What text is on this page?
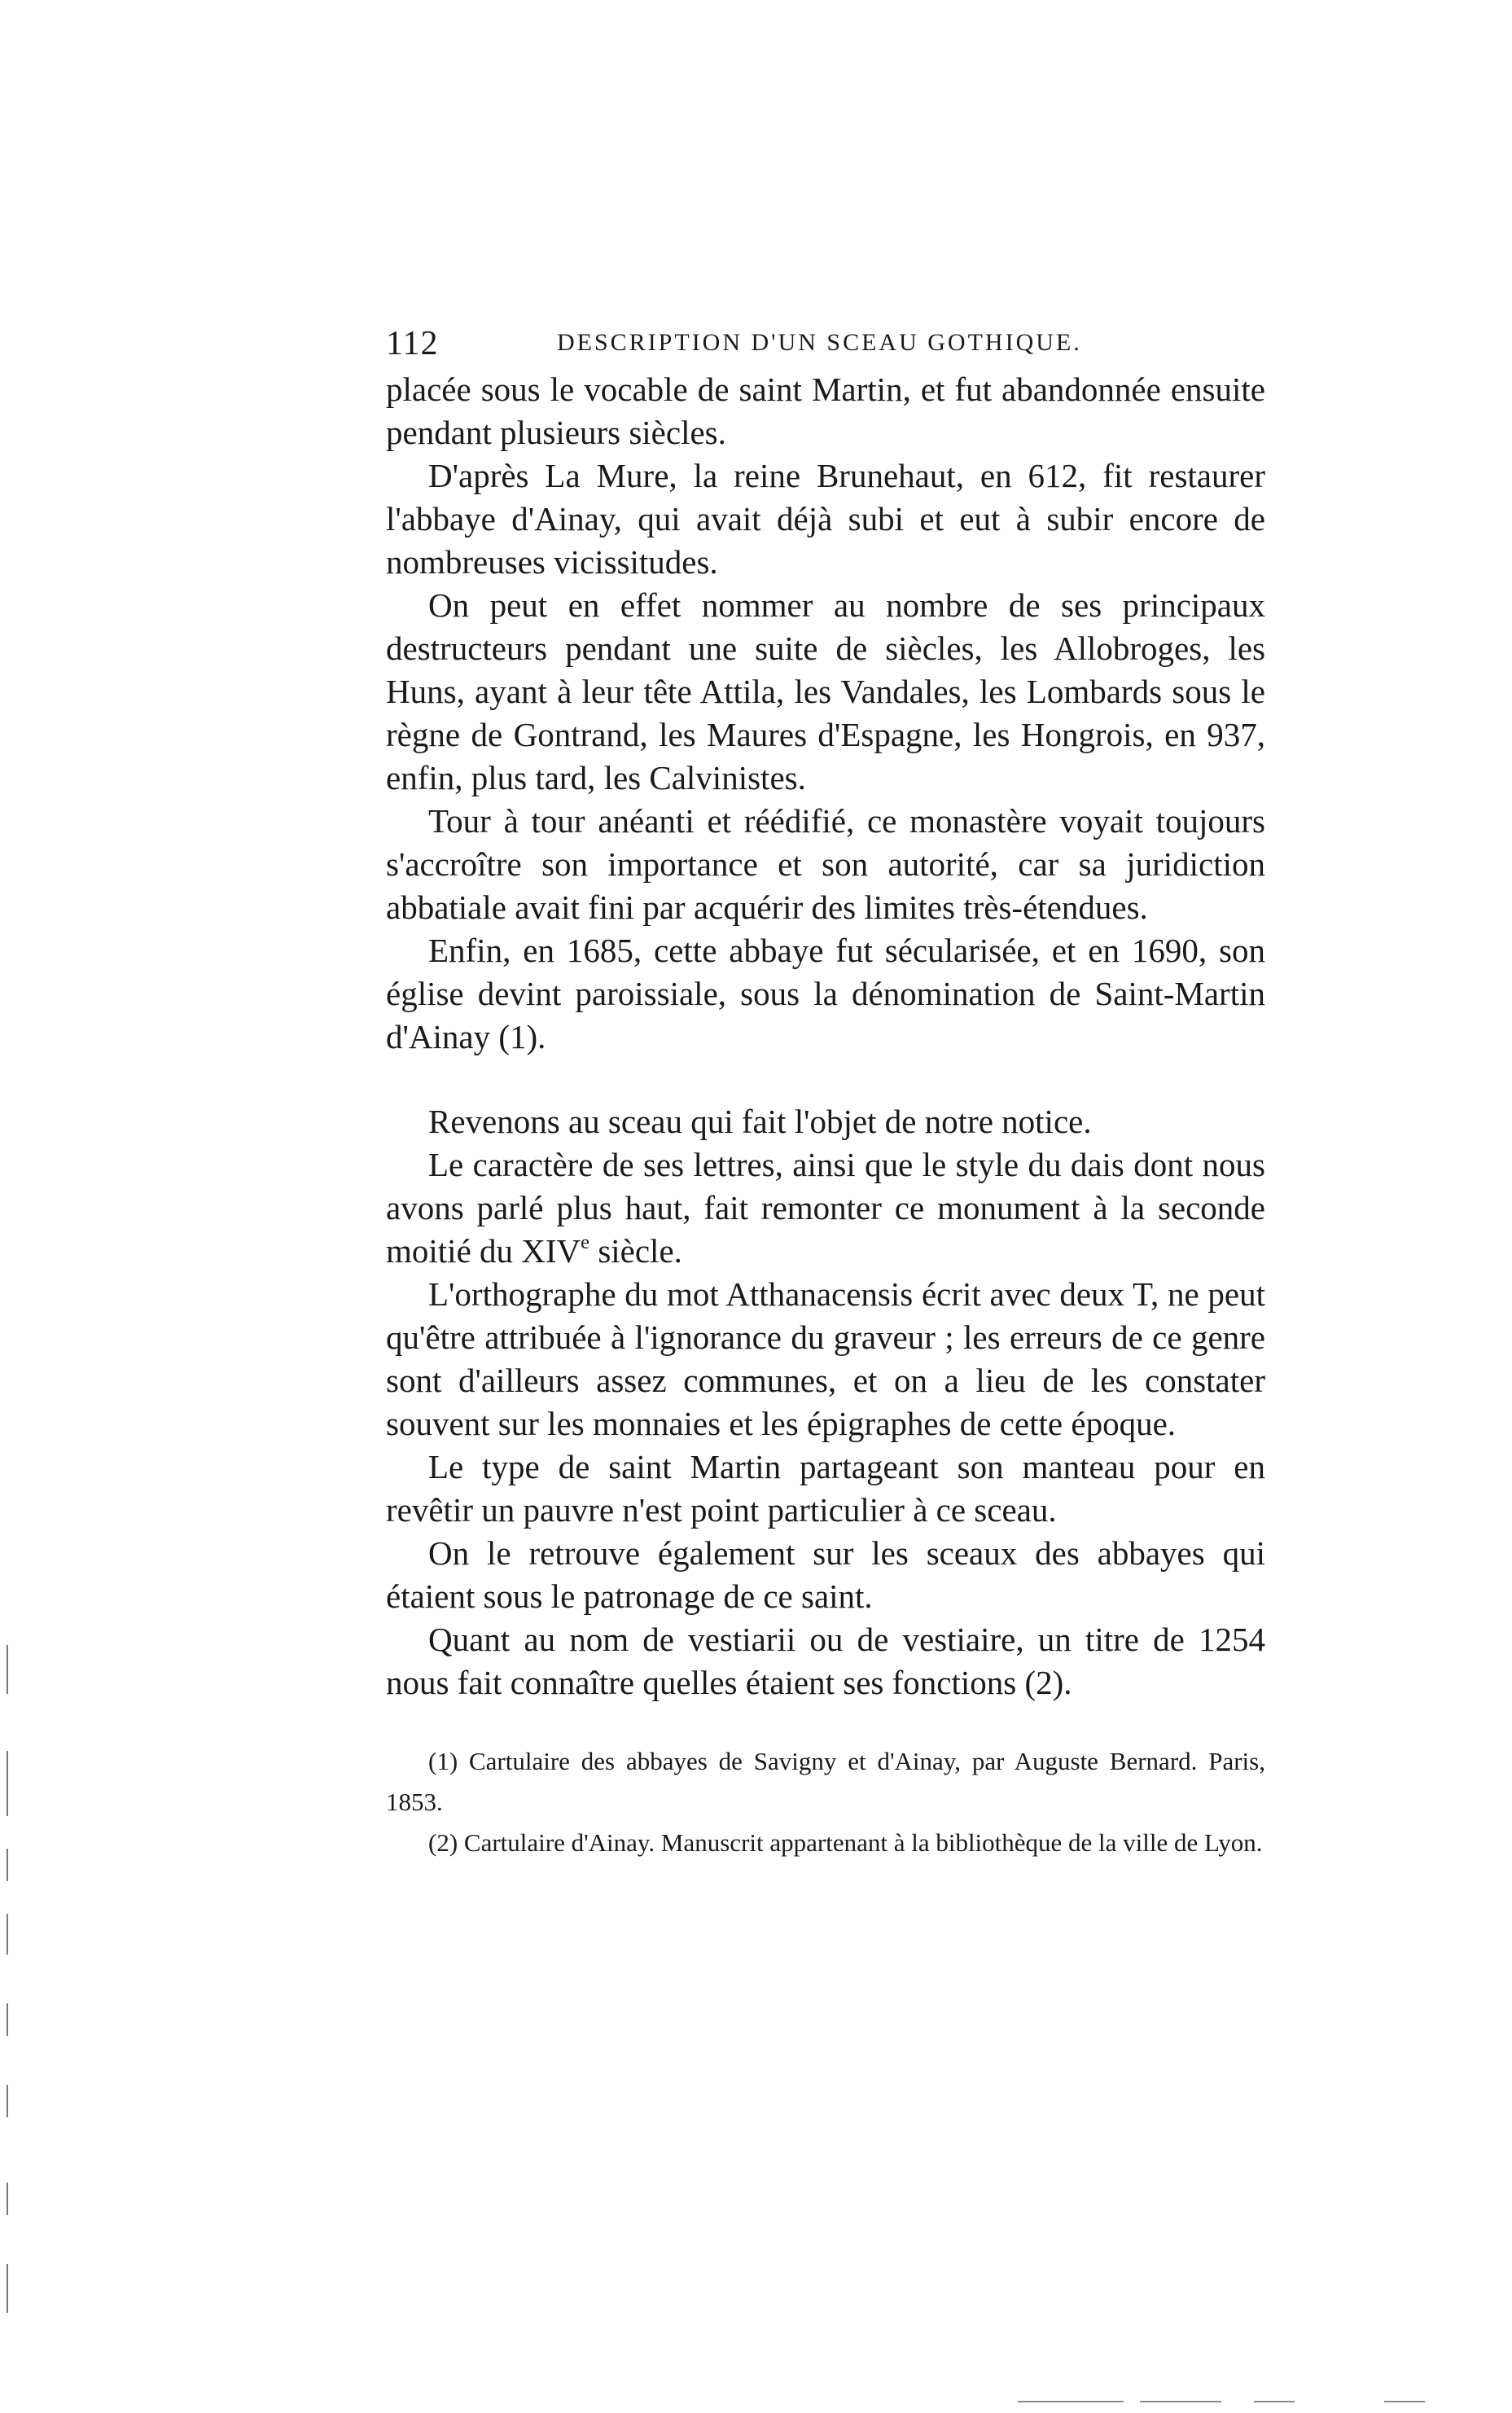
112	DESCRIPTION D'UN SCEAU GOTHIQUE.

placée sous le vocable de saint Martin, et fut abandonnée ensuite pendant plusieurs siècles.

D'après La Mure, la reine Brunehaut, en 612, fit restaurer l'abbaye d'Ainay, qui avait déjà subi et eut à subir encore de nombreuses vicissitudes.

On peut en effet nommer au nombre de ses principaux destructeurs pendant une suite de siècles, les Allobroges, les Huns, ayant à leur tête Attila, les Vandales, les Lombards sous le règne de Gontrand, les Maures d'Espagne, les Hongrois, en 937, enfin, plus tard, les Calvinistes.

Tour à tour anéanti et réédifié, ce monastère voyait toujours s'accroître son importance et son autorité, car sa juridiction abbatiale avait fini par acquérir des limites très-étendues.

Enfin, en 1685, cette abbaye fut sécularisée, et en 1690, son église devint paroissiale, sous la dénomination de Saint-Martin d'Ainay (1).

Revenons au sceau qui fait l'objet de notre notice.

Le caractère de ses lettres, ainsi que le style du dais dont nous avons parlé plus haut, fait remonter ce monument à la seconde moitié du XIVe siècle.

L'orthographe du mot Atthanacensis écrit avec deux T, ne peut qu'être attribuée à l'ignorance du graveur ; les erreurs de ce genre sont d'ailleurs assez communes, et on a lieu de les constater souvent sur les monnaies et les épigraphes de cette époque.

Le type de saint Martin partageant son manteau pour en revêtir un pauvre n'est point particulier à ce sceau.

On le retrouve également sur les sceaux des abbayes qui étaient sous le patronage de ce saint.

Quant au nom de vestiarii ou de vestiaire, un titre de 1254 nous fait connaître quelles étaient ses fonctions (2).

(1) Cartulaire des abbayes de Savigny et d'Ainay, par Auguste Bernard. Paris, 1853.

(2) Cartulaire d'Ainay. Manuscrit appartenant à la bibliothèque de la ville de Lyon.
